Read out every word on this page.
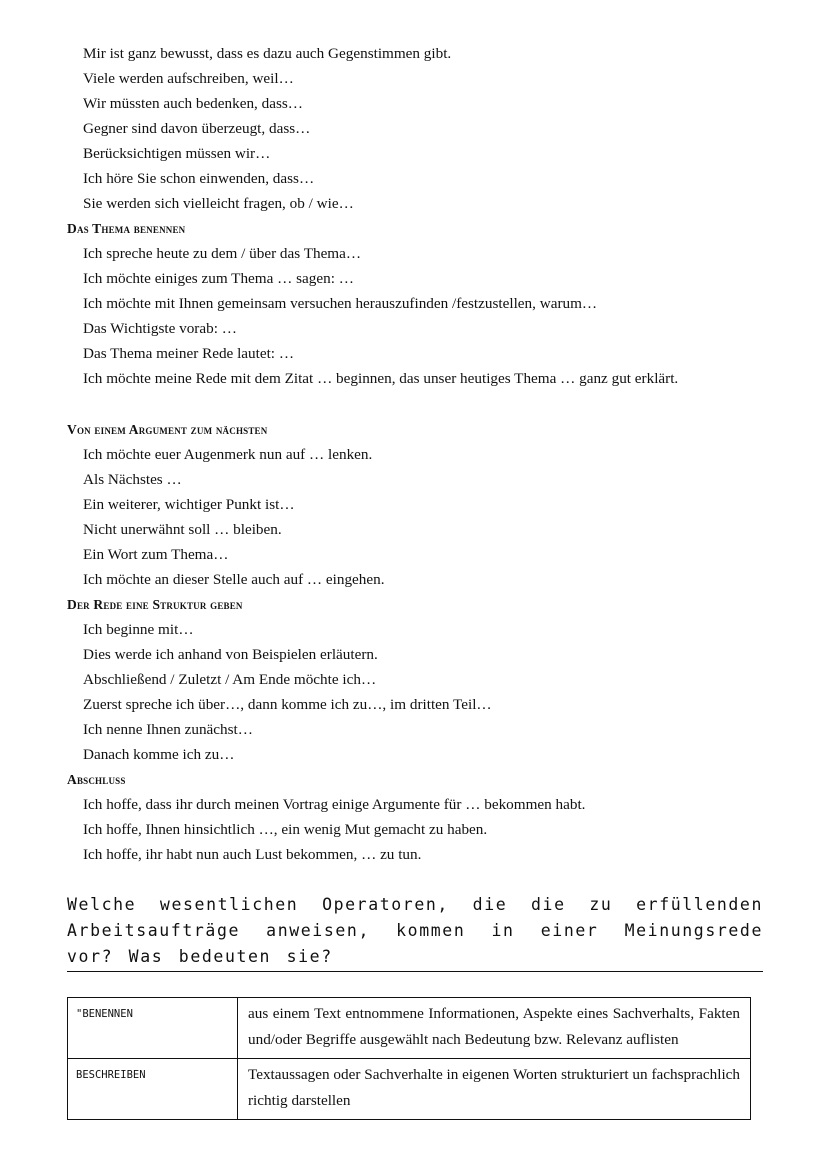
Mir ist ganz bewusst, dass es dazu auch Gegenstimmen gibt.
Viele werden aufschreiben, weil…
Wir müssten auch bedenken, dass…
Gegner sind davon überzeugt, dass…
Berücksichtigen müssen wir…
Ich höre Sie schon einwenden, dass…
Sie werden sich vielleicht fragen, ob / wie…
Das Thema benennen
Ich spreche heute zu dem / über das Thema…
Ich möchte einiges zum Thema … sagen: …
Ich möchte mit Ihnen gemeinsam versuchen herauszufinden /festzustellen, warum…
Das Wichtigste vorab: …
Das Thema meiner Rede lautet: …
Ich möchte meine Rede mit dem Zitat … beginnen, das unser heutiges Thema … ganz gut erklärt.
Von einem Argument zum nächsten
Ich möchte euer Augenmerk nun auf … lenken.
Als Nächstes …
Ein weiterer, wichtiger Punkt ist…
Nicht unerwähnt soll … bleiben.
Ein Wort zum Thema…
Ich möchte an dieser Stelle auch auf … eingehen.
Der Rede eine Struktur geben
Ich beginne mit…
Dies werde ich anhand von Beispielen erläutern.
Abschließend / Zuletzt / Am Ende möchte ich…
Zuerst spreche ich über…, dann komme ich zu…, im dritten Teil…
Ich nenne Ihnen zunächst…
Danach komme ich zu…
Abschluss
Ich hoffe, dass ihr durch meinen Vortrag einige Argumente für … bekommen habt.
Ich hoffe, Ihnen hinsichtlich …, ein wenig Mut gemacht zu haben.
Ich hoffe, ihr habt nun auch Lust bekommen, … zu tun.
Welche wesentlichen Operatoren, die die zu erfüllenden Arbeitsaufträge anweisen, kommen in einer Meinungsrede vor? Was bedeuten sie?
"BENENNEN	aus einem Text entnommene Informationen, Aspekte eines Sachverhalts, Fakten und/oder Begriffe ausgewählt nach Bedeutung bzw. Relevanz auflisten
BESCHREIBEN	Textaussagen oder Sachverhalte in eigenen Worten strukturiert un fachsprachlich richtig darstellen
